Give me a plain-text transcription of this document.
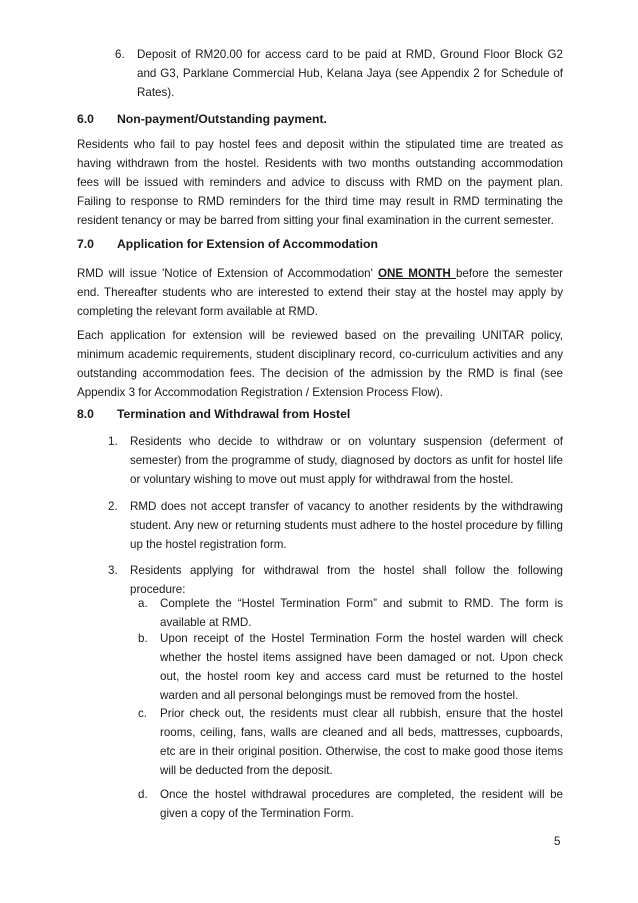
6. Deposit of RM20.00 for access card to be paid at RMD, Ground Floor Block G2 and G3, Parklane Commercial Hub, Kelana Jaya (see Appendix 2 for Schedule of Rates).
6.0 Non-payment/Outstanding payment.
Residents who fail to pay hostel fees and deposit within the stipulated time are treated as having withdrawn from the hostel. Residents with two months outstanding accommodation fees will be issued with reminders and advice to discuss with RMD on the payment plan. Failing to response to RMD reminders for the third time may result in RMD terminating the resident tenancy or may be barred from sitting your final examination in the current semester.
7.0 Application for Extension of Accommodation
RMD will issue 'Notice of Extension of Accommodation' ONE MONTH before the semester end. Thereafter students who are interested to extend their stay at the hostel may apply by completing the relevant form available at RMD.
Each application for extension will be reviewed based on the prevailing UNITAR policy, minimum academic requirements, student disciplinary record, co-curriculum activities and any outstanding accommodation fees. The decision of the admission by the RMD is final (see Appendix 3 for Accommodation Registration / Extension Process Flow).
8.0 Termination and Withdrawal from Hostel
1. Residents who decide to withdraw or on voluntary suspension (deferment of semester) from the programme of study, diagnosed by doctors as unfit for hostel life or voluntary wishing to move out must apply for withdrawal from the hostel.
2. RMD does not accept transfer of vacancy to another residents by the withdrawing student. Any new or returning students must adhere to the hostel procedure by filling up the hostel registration form.
3. Residents applying for withdrawal from the hostel shall follow the following procedure:
a. Complete the “Hostel Termination Form” and submit to RMD. The form is available at RMD.
b. Upon receipt of the Hostel Termination Form the hostel warden will check whether the hostel items assigned have been damaged or not. Upon check out, the hostel room key and access card must be returned to the hostel warden and all personal belongings must be removed from the hostel.
c. Prior check out, the residents must clear all rubbish, ensure that the hostel rooms, ceiling, fans, walls are cleaned and all beds, mattresses, cupboards, etc are in their original position. Otherwise, the cost to make good those items will be deducted from the deposit.
d. Once the hostel withdrawal procedures are completed, the resident will be given a copy of the Termination Form.
5
